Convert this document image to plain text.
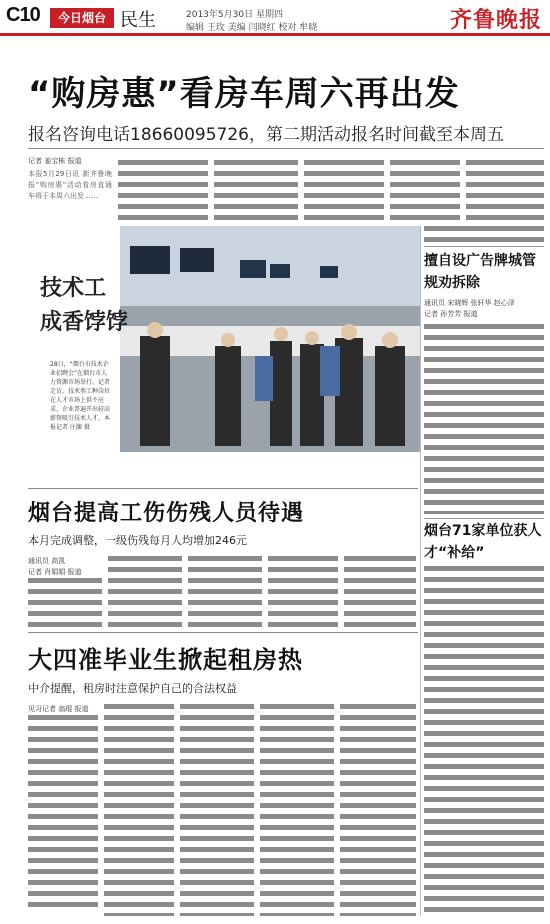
C10	今日烟台 民生	2013年5月30日 星期四
编辑 王玫 美编 闫晓红 校对 牟晓	齐鲁晚报
“购房惠”看房车周六再出发
报名咨询电话18660095726，第二期活动报名时间截至本周五
记者 姜宝栋 报道
本报5月29日讯 新齐鲁晚报“购房惠”活动看房直通车将于本周六出发……
技术工
成香饽饽
28日，“烟台市技术企业招聘会”在烟台市人力资源市场举行。记者走访，技术类工种岗位在人才市场上供不应求，企业普遍开出较高薪资吸引技术人才。本报记者 庄灏 摄
擅自设广告牌城管规劝拆除
通讯员 宋晓辉 张轩华 赵心泽
记者 孙芳芳 报道
烟台71家单位获人才“补给”
烟台提高工伤伤残人员待遇
本月完成调整，一级伤残每月人均增加246元
通讯员 高凯
记者 肖娟娟 报道
大四准毕业生掀起租房热
中介提醒，租房时注意保护自己的合法权益
见习记者 翁琨 报道
